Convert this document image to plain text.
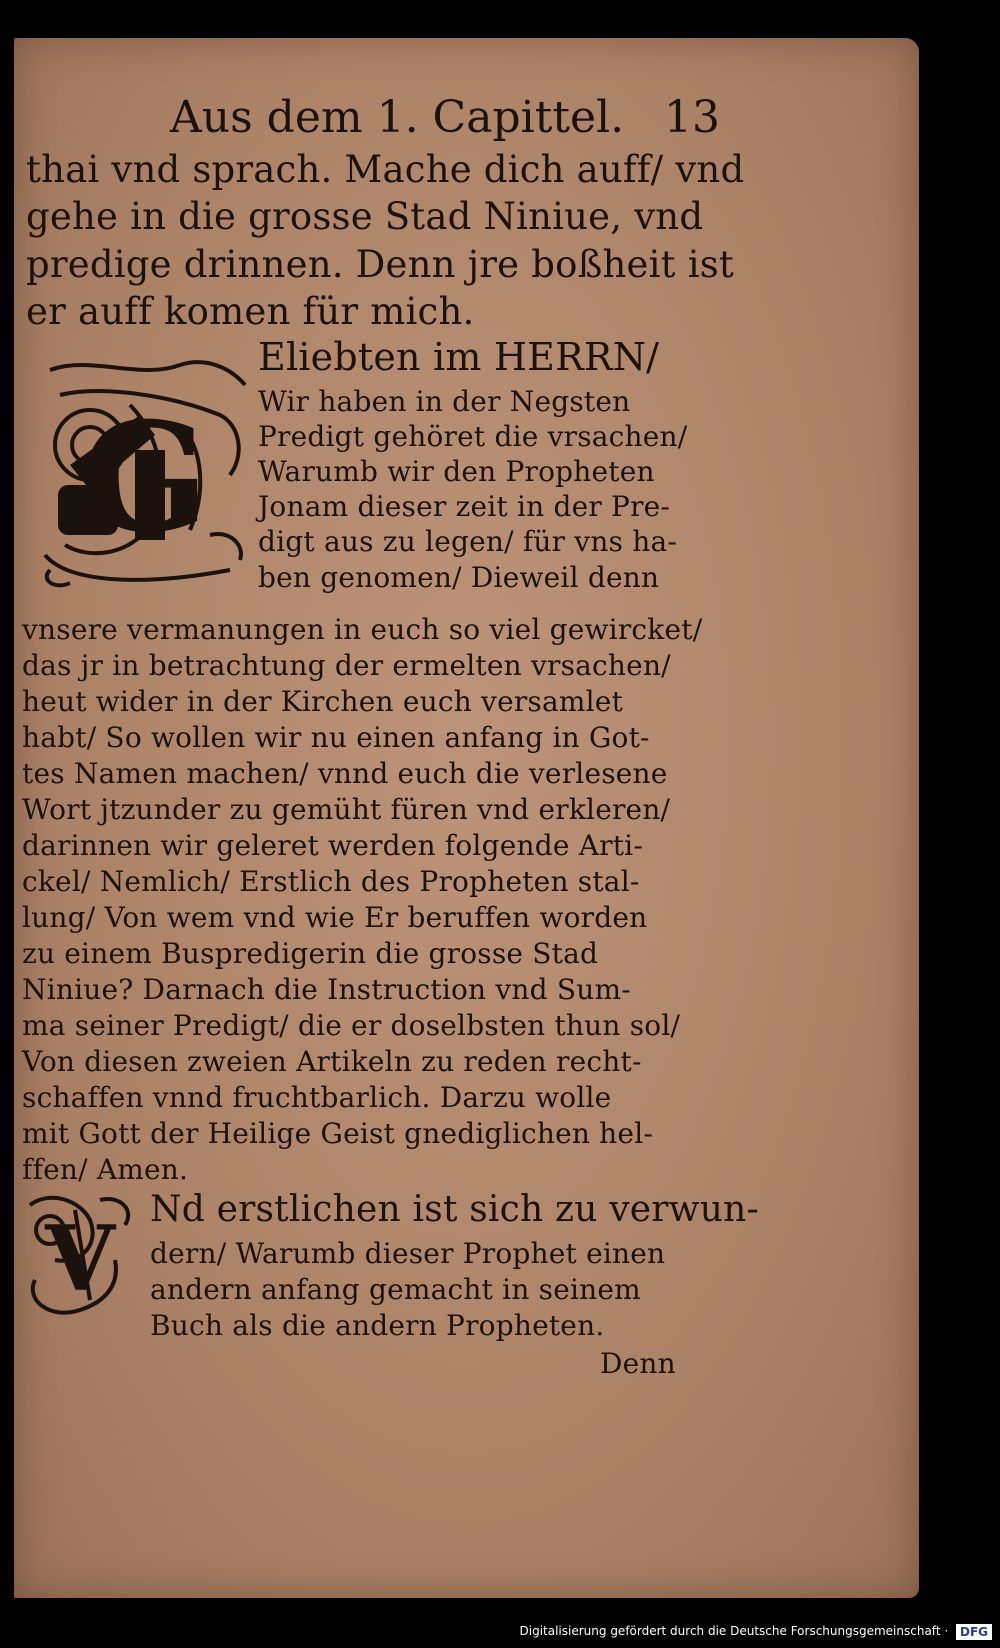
Aus dem 1. Capittel. 13
thai vnd sprach. Mache dich auff/ vnd
gehe in die grosse Stad Niniue, vnd
predige drinnen. Denn jre boßheit ist
er auff komen für mich.
G
Eliebten im HERRN/
Wir haben in der Negsten
Predigt gehöret die vrsachen/
Warumb wir den Propheten
Jonam dieser zeit in der Pre-
digt aus zu legen/ für vns ha-
ben genomen/ Dieweil denn
vnsere vermanungen in euch so viel gewircket/
das jr in betrachtung der ermelten vrsachen/
heut wider in der Kirchen euch versamlet
habt/ So wollen wir nu einen anfang in Got-
tes Namen machen/ vnnd euch die verlesene
Wort jtzunder zu gemüht füren vnd erkleren/
darinnen wir geleret werden folgende Arti-
ckel/ Nemlich/ Erstlich des Propheten stal-
lung/ Von wem vnd wie Er beruffen worden
zu einem Buspredigerin die grosse Stad
Niniue? Darnach die Instruction vnd Sum-
ma seiner Predigt/ die er doselbsten thun sol/
Von diesen zweien Artikeln zu reden recht-
schaffen vnnd fruchtbarlich. Darzu wolle
mit Gott der Heilige Geist gnediglichen hel-
ffen/ Amen.
V Nd erstlichen ist sich zu verwun-
dern/ Warumb dieser Prophet einen
andern anfang gemacht in seinem
Buch als die andern Propheten.
Denn
Digitalisierung gefördert durch die Deutsche Forschungsgemeinschaft · DFG
